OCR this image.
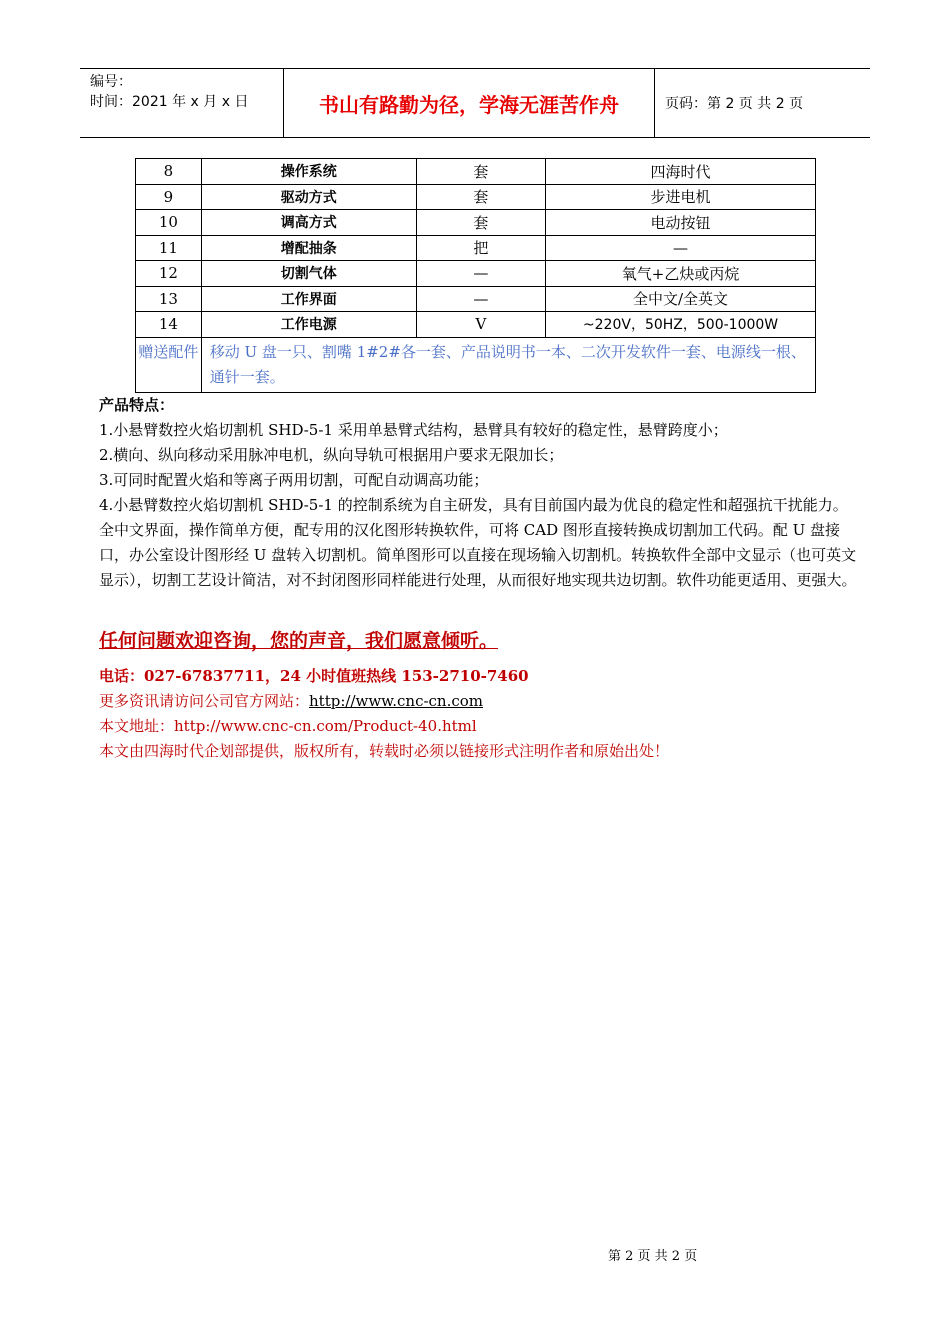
编号：
时间：2021 年 x 月 x 日	书山有路勤为径，学海无涯苦作舟	页码：第 2 页 共 2 页
8	操作系统	套	四海时代
9	驱动方式	套	步进电机
10	调高方式	套	电动按钮
11	增配抽条	把	—
12	切割气体	—	氧气+乙炔或丙烷
13	工作界面	—	全中文/全英文
14	工作电源	V	~220V，50HZ，500-1000W
赠送配件	移动 U 盘一只、割嘴 1#2#各一套、产品说明书一本、二次开发软件一套、电源线一根、通针一套。		

产品特点：

1.小悬臂数控火焰切割机 SHD-5-1 采用单悬臂式结构，悬臂具有较好的稳定性，悬臂跨度小；

2.横向、纵向移动采用脉冲电机，纵向导轨可根据用户要求无限加长；

3.可同时配置火焰和等离子两用切割，可配自动调高功能；

4.小悬臂数控火焰切割机 SHD-5-1 的控制系统为自主研发，具有目前国内最为优良的稳定性和超强抗干扰能力。全中文界面，操作简单方便，配专用的汉化图形转换软件，可将 CAD 图形直接转换成切割加工代码。配 U 盘接口，办公室设计图形经 U 盘转入切割机。简单图形可以直接在现场输入切割机。转换软件全部中文显示（也可英文显示），切割工艺设计简洁，对不封闭图形同样能进行处理，从而很好地实现共边切割。软件功能更适用、更强大。

任何问题欢迎咨询，您的声音，我们愿意倾听。

电话：027-67837711，24 小时值班热线 153-2710-7460

更多资讯请访问公司官方网站：http://www.cnc-cn.com

本文地址：http://www.cnc-cn.com/Product-40.html

本文由四海时代企划部提供，版权所有，转载时必须以链接形式注明作者和原始出处！

第 2 页 共 2 页
